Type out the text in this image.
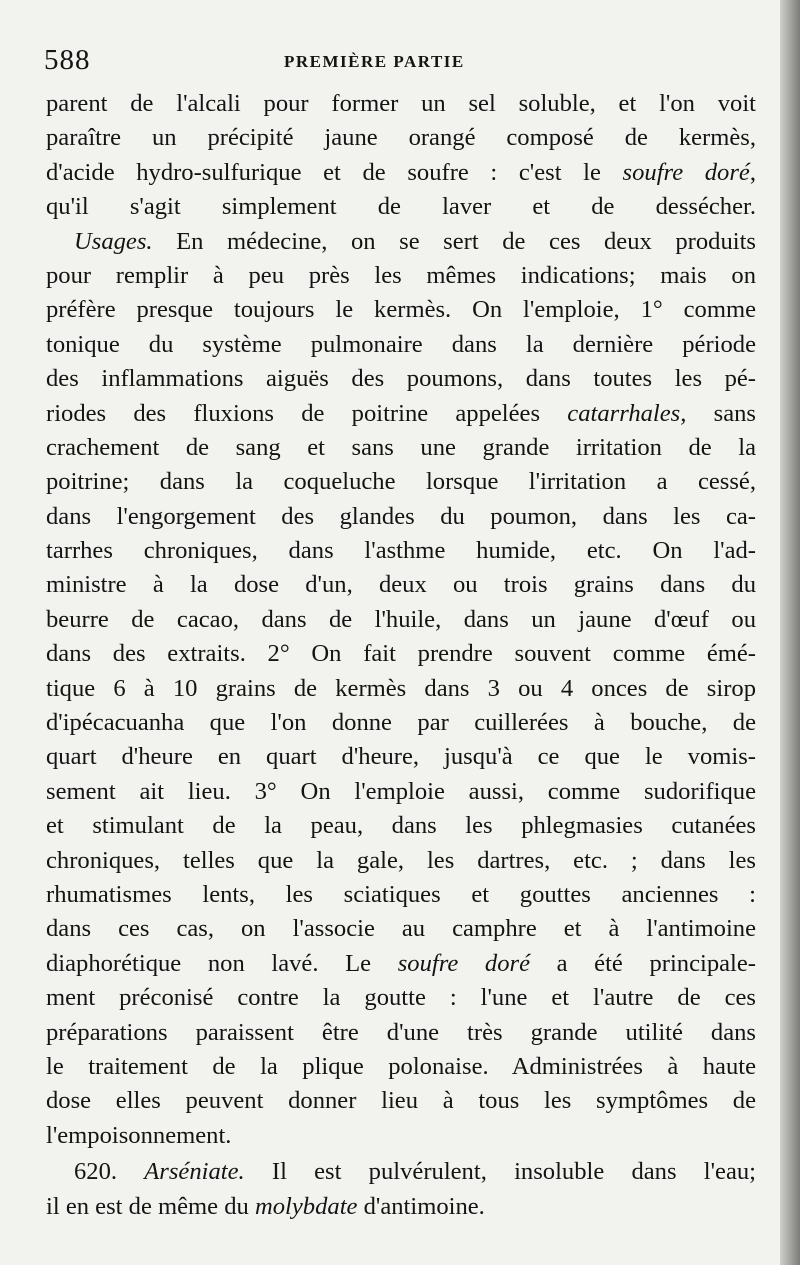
588	PREMIÈRE PARTIE
parent de l'alcali pour former un sel soluble, et l'on voit
paraître un précipité jaune orangé composé de kermès,
d'acide hydro-sulfurique et de soufre : c'est le soufre doré,
qu'il s'agit simplement de laver et de dessécher.
Usages. En médecine, on se sert de ces deux produits
pour remplir à peu près les mêmes indications; mais on
préfère presque toujours le kermès. On l'emploie, 1° comme
tonique du système pulmonaire dans la dernière période
des inflammations aiguës des poumons, dans toutes les pé-
riodes des fluxions de poitrine appelées catarrhales, sans
crachement de sang et sans une grande irritation de la
poitrine; dans la coqueluche lorsque l'irritation a cessé,
dans l'engorgement des glandes du poumon, dans les ca-
tarrhes chroniques, dans l'asthme humide, etc. On l'ad-
ministre à la dose d'un, deux ou trois grains dans du
beurre de cacao, dans de l'huile, dans un jaune d'œuf ou
dans des extraits. 2° On fait prendre souvent comme émé-
tique 6 à 10 grains de kermès dans 3 ou 4 onces de sirop
d'ipécacuanha que l'on donne par cuillerées à bouche, de
quart d'heure en quart d'heure, jusqu'à ce que le vomis-
sement ait lieu. 3° On l'emploie aussi, comme sudorifique
et stimulant de la peau, dans les phlegmasies cutanées
chroniques, telles que la gale, les dartres, etc. ; dans les
rhumatismes lents, les sciatiques et gouttes anciennes :
dans ces cas, on l'associe au camphre et à l'antimoine
diaphorétique non lavé. Le soufre doré a été principale-
ment préconisé contre la goutte : l'une et l'autre de ces
préparations paraissent être d'une très grande utilité dans
le traitement de la plique polonaise. Administrées à haute
dose elles peuvent donner lieu à tous les symptômes de
l'empoisonnement.
620. Arséniate. Il est pulvérulent, insoluble dans l'eau;
il en est de même du molybdate d'antimoine.
